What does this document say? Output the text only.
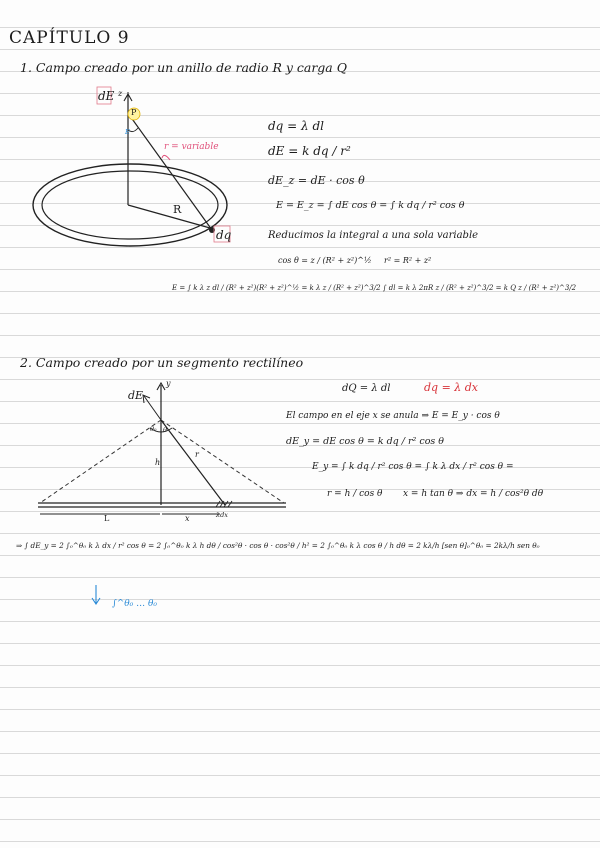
CAPÍTULO 9
1. Campo creado por un anillo de radio R y carga Q
dE z
P
E
r = variable
R
dq
dq = λ dl
dE = k dq / r²
dE_z = dE · cos θ
E = E_z = ∫ dE cos θ = ∫ k dq / r² cos θ
Reducimos la integral a una sola variable
cos θ = z / (R² + z²)^½ r² = R² + z²
E = ∫ k λ z dl / (R² + z²)(R² + z²)^½ = k λ z / (R² + z²)^3/2 ∫ dl = k λ 2πR z / (R² + z²)^3/2 = k Q z / (R² + z²)^3/2
2. Campo creado por un segmento rectilíneo
dE
y
θ₀ θ
h
r
L	x	λdx
dQ = λ dl	dq = λ dx
El campo en el eje x se anula ⇒ E = E_y · cos θ
dE_y = dE cos θ = k dq / r² cos θ
E_y = ∫ k dq / r² cos θ = ∫ k λ dx / r² cos θ =
r = h / cos θ x = h tan θ ⇒ dx = h / cos²θ dθ
⇒ ∫ dE_y = 2 ∫₀^θ₀ k λ dx / r² cos θ = 2 ∫₀^θ₀ k λ h dθ / cos²θ · cos θ · cos²θ / h² = 2 ∫₀^θ₀ k λ cos θ / h dθ = 2 kλ/h [sen θ]₀^θ₀ = 2kλ/h sen θ₀
∫^θ₀ … θ₀
